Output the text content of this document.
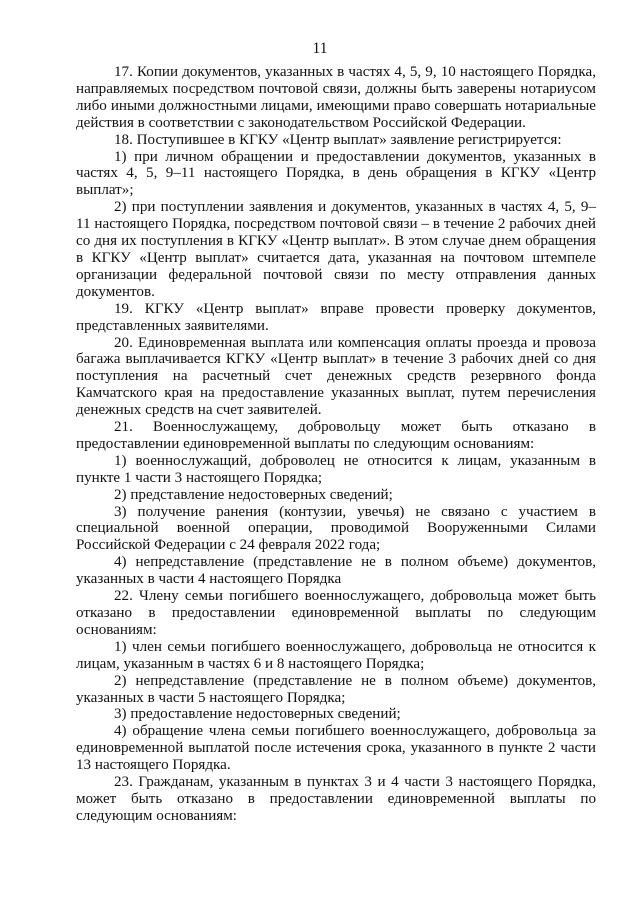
11

17. Копии документов, указанных в частях 4, 5, 9, 10 настоящего Порядка, направляемых посредством почтовой связи, должны быть заверены нотариусом либо иными должностными лицами, имеющими право совершать нотариальные действия в соответствии с законодательством Российской Федерации.

18. Поступившее в КГКУ «Центр выплат» заявление регистрируется:

1) при личном обращении и предоставлении документов, указанных в частях 4, 5, 9–11 настоящего Порядка, в день обращения в КГКУ «Центр выплат»;

2) при поступлении заявления и документов, указанных в частях 4, 5, 9– 11 настоящего Порядка, посредством почтовой связи – в течение 2 рабочих дней со дня их поступления в КГКУ «Центр выплат». В этом случае днем обращения в КГКУ «Центр выплат» считается дата, указанная на почтовом штемпеле организации федеральной почтовой связи по месту отправления данных документов.

19. КГКУ «Центр выплат» вправе провести проверку документов, представленных заявителями.

20. Единовременная выплата или компенсация оплаты проезда и провоза багажа выплачивается КГКУ «Центр выплат» в течение 3 рабочих дней со дня поступления на расчетный счет денежных средств резервного фонда Камчатского края на предоставление указанных выплат, путем перечисления денежных средств на счет заявителей.

21. Военнослужащему, добровольцу может быть отказано в предоставлении единовременной выплаты по следующим основаниям:

1) военнослужащий, доброволец не относится к лицам, указанным в пункте 1 части 3 настоящего Порядка;

2) представление недостоверных сведений;

3) получение ранения (контузии, увечья) не связано с участием в специальной военной операции, проводимой Вооруженными Силами Российской Федерации с 24 февраля 2022 года;

4) непредставление (представление не в полном объеме) документов, указанных в части 4 настоящего Порядка

22. Члену семьи погибшего военнослужащего, добровольца может быть отказано в предоставлении единовременной выплаты по следующим основаниям:

1) член семьи погибшего военнослужащего, добровольца не относится к лицам, указанным в частях 6 и 8 настоящего Порядка;

2) непредставление (представление не в полном объеме) документов, указанных в части 5 настоящего Порядка;

3) предоставление недостоверных сведений;

4) обращение члена семьи погибшего военнослужащего, добровольца за единовременной выплатой после истечения срока, указанного в пункте 2 части 13 настоящего Порядка.

23. Гражданам, указанным в пунктах 3 и 4 части 3 настоящего Порядка, может быть отказано в предоставлении единовременной выплаты по следующим основаниям:
